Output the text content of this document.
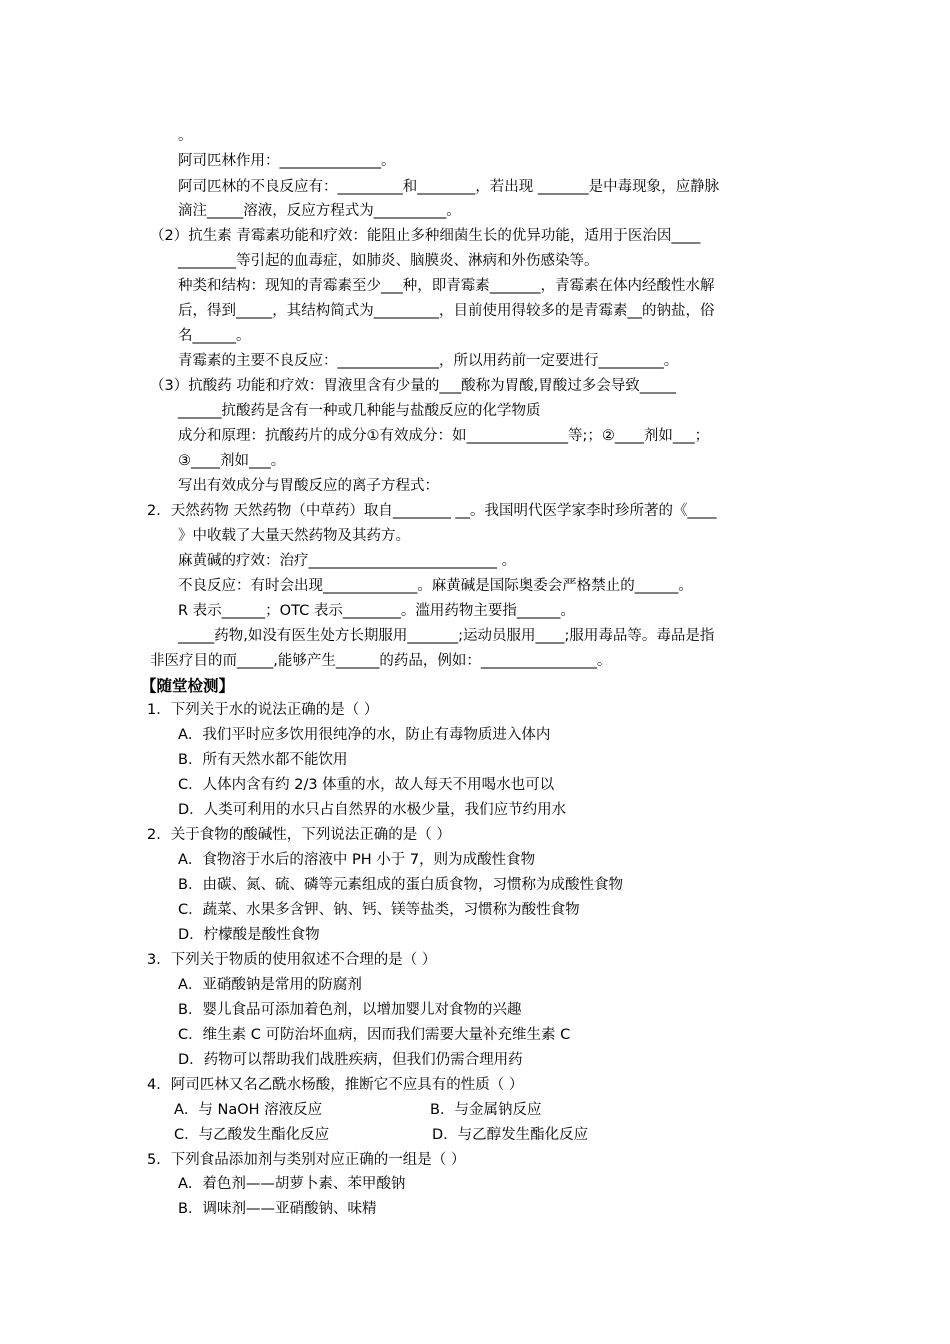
。
阿司匹林作用：______________。
阿司匹林的不良反应有：_________和________，若出现 _______是中毒现象，应静脉
滴注_____溶液，反应方程式为__________。
（2）抗生素 青霉素功能和疗效：能阻止多种细菌生长的优异功能，适用于医治因____
________等引起的血毒症，如肺炎、脑膜炎、淋病和外伤感染等。
种类和结构：现知的青霉素至少___种，即青霉素_______，青霉素在体内经酸性水解
后，得到_____，其结构简式为_________，目前使用得较多的是青霉素__的钠盐，俗
名______。
青霉素的主要不良反应：______________，所以用药前一定要进行_________。
（3）抗酸药 功能和疗效：胃液里含有少量的___酸称为胃酸,胃酸过多会导致_____
______抗酸药是含有一种或几种能与盐酸反应的化学物质
成分和原理：抗酸药片的成分①有效成分：如______________等;；②____剂如___；
③____剂如___。
写出有效成分与胃酸反应的离子方程式：
2．天然药物 天然药物（中草药）取自________ __。我国明代医学家李时珍所著的《____
》中收载了大量天然药物及其药方。
麻黄碱的疗效：治疗__________________________ 。
不良反应：有时会出现_____________。麻黄碱是国际奥委会严格禁止的______。
R 表示______；OTC 表示________。滥用药物主要指______。
_____药物,如没有医生处方长期服用_______;运动员服用____;服用毒品等。毒品是指
非医疗目的而_____,能够产生______的药品，例如：________________。
【随堂检测】
1．下列关于水的说法正确的是（ ）
A．我们平时应多饮用很纯净的水，防止有毒物质进入体内
B．所有天然水都不能饮用
C．人体内含有约 2/3 体重的水，故人每天不用喝水也可以
D．人类可利用的水只占自然界的水极少量，我们应节约用水
2．关于食物的酸碱性，下列说法正确的是（ ）
A．食物溶于水后的溶液中 PH 小于 7，则为成酸性食物
B．由碳、氮、硫、磷等元素组成的蛋白质食物，习惯称为成酸性食物
C．蔬菜、水果多含钾、钠、钙、镁等盐类，习惯称为酸性食物
D．柠檬酸是酸性食物
3．下列关于物质的使用叙述不合理的是（ ）
A．亚硝酸钠是常用的防腐剂
B．婴儿食品可添加着色剂，以增加婴儿对食物的兴趣
C．维生素 C 可防治坏血病，因而我们需要大量补充维生素 C
D．药物可以帮助我们战胜疾病，但我们仍需合理用药
4．阿司匹林又名乙酰水杨酸，推断它不应具有的性质（ ）
A．与 NaOH 溶液反应	B．与金属钠反应
C．与乙酸发生酯化反应	D．与乙醇发生酯化反应
5．下列食品添加剂与类别对应正确的一组是（ ）
A．着色剂——胡萝卜素、苯甲酸钠
B．调味剂——亚硝酸钠、味精
